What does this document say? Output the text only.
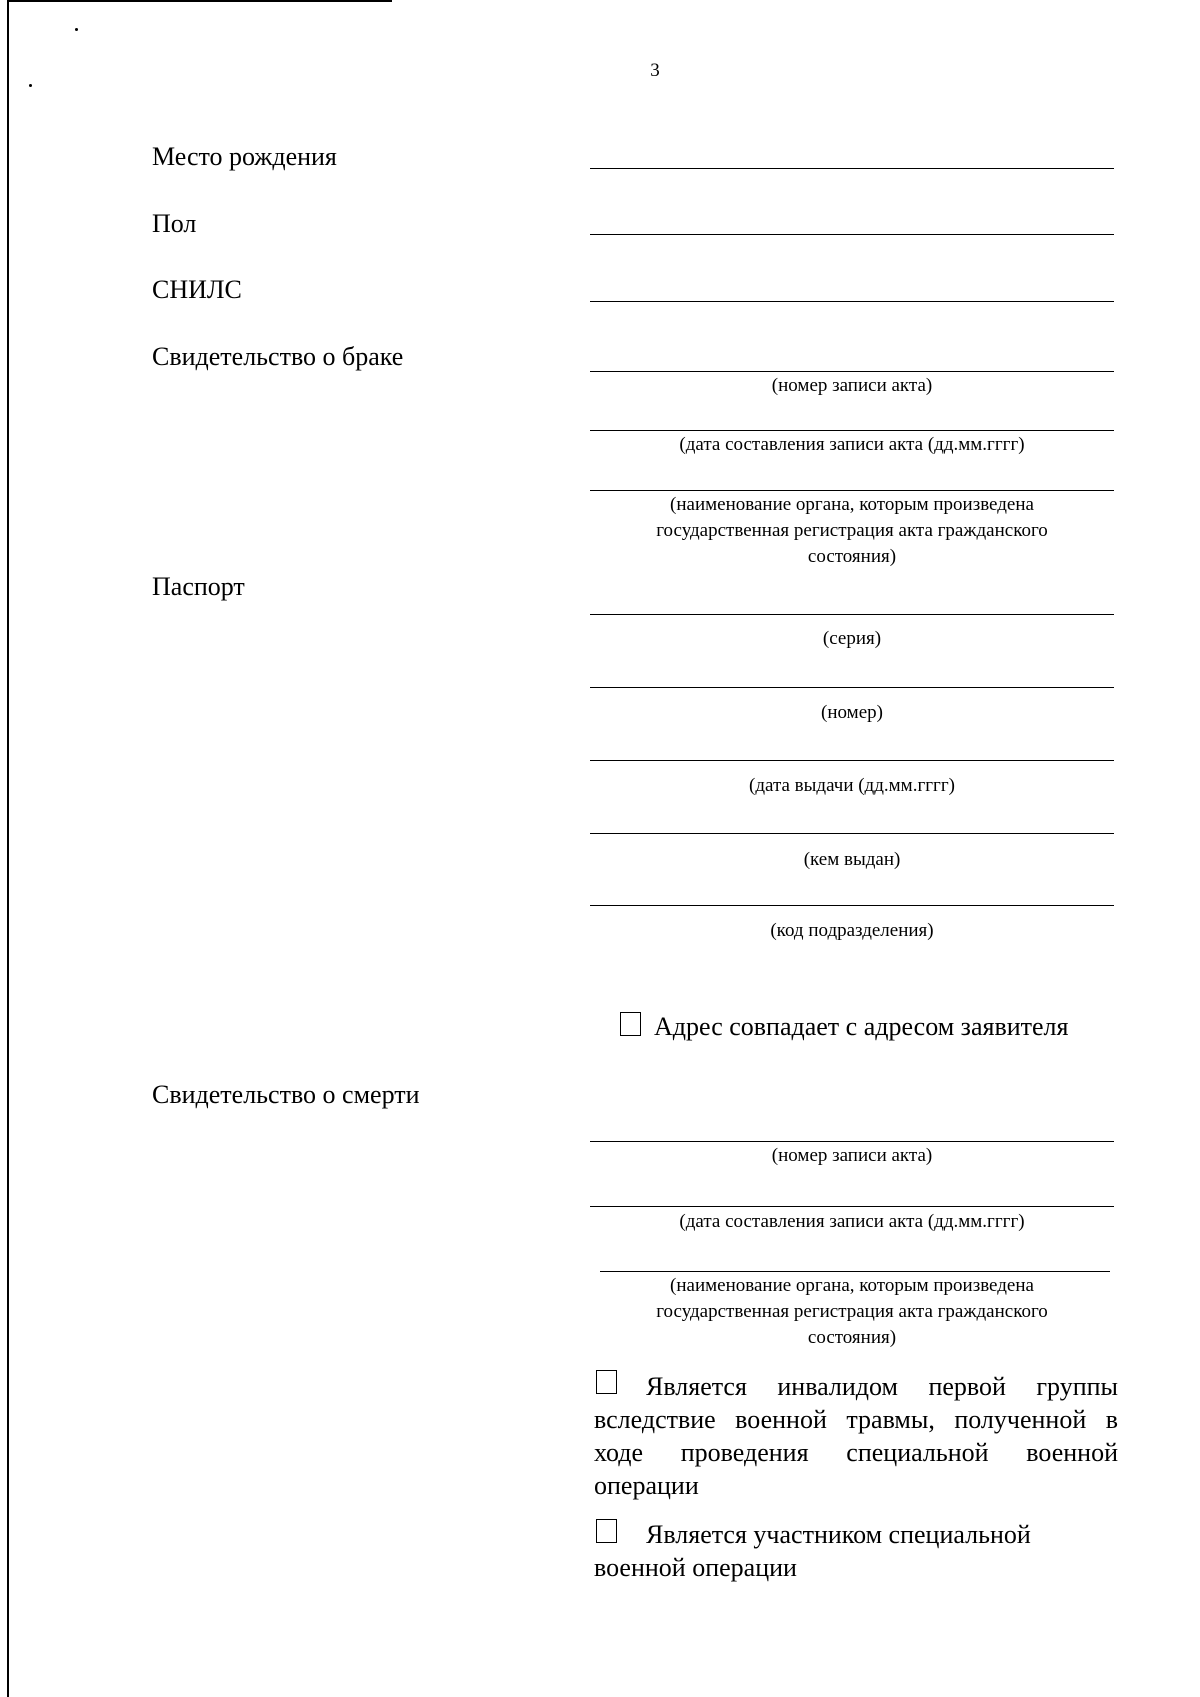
3
Место рождения
Пол
СНИЛС
Свидетельство о браке
(номер записи акта)
(дата составления записи акта (дд.мм.гггг)
(наименование органа, которым произведена
государственная регистрация акта гражданского
состояния)
Паспорт
(серия)
(номер)
(дата выдачи (дд.мм.гггг)
(кем выдан)
(код подразделения)
Адрес совпадает с адресом заявителя
Свидетельство о смерти
(номер записи акта)
(дата составления записи акта (дд.мм.гггг)
(наименование органа, которым произведена
государственная регистрация акта гражданского
состояния)
Является инвалидом первой группы вследствие военной травмы, полученной в ходе проведения специальной военной операции
Является участником специальной военной операции
